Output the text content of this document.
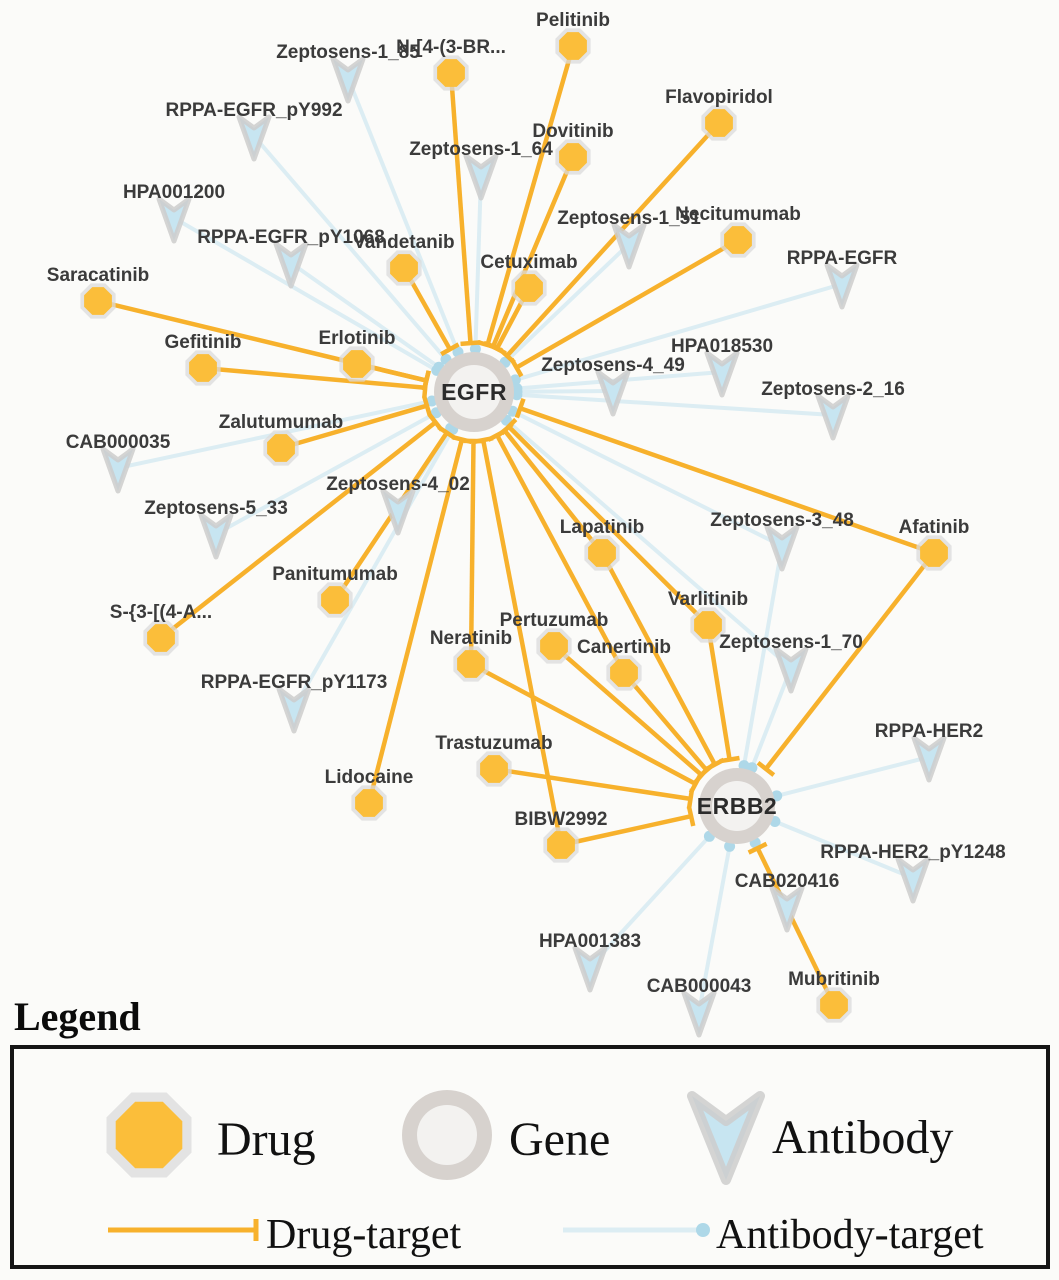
EGFR
ERBB2
Pelitinib
N-[4-(3-BR...
Dovitinib
Flavopiridol
Necitumumab
Vandetanib
Cetuximab
Saracatinib
Gefitinib	Erlotinib
Zalutumumab
Panitumumab
S-{3-[(4-A...
Lidocaine
Afatinib
Lapatinib
Varlitinib
Neratinib
Pertuzumab
Canertinib
Trastuzumab
BIBW2992
Mubritinib
Zeptosens-1_85
RPPA-EGFR_pY992
Zeptosens-1_64
HPA001200
Zeptosens-1_51
RPPA-EGFR_pY1068
RPPA-EGFR
HPA018530
Zeptosens-4_49
Zeptosens-2_16
CAB000035
Zeptosens-4_02
Zeptosens-5_33
Zeptosens-3_48
Zeptosens-1_70
RPPA-EGFR_pY1173
RPPA-HER2
RPPA-HER2_pY1248
CAB020416
HPA001383
CAB000043
Legend
Drug	Gene	Antibody
Drug-target	Antibody-target
